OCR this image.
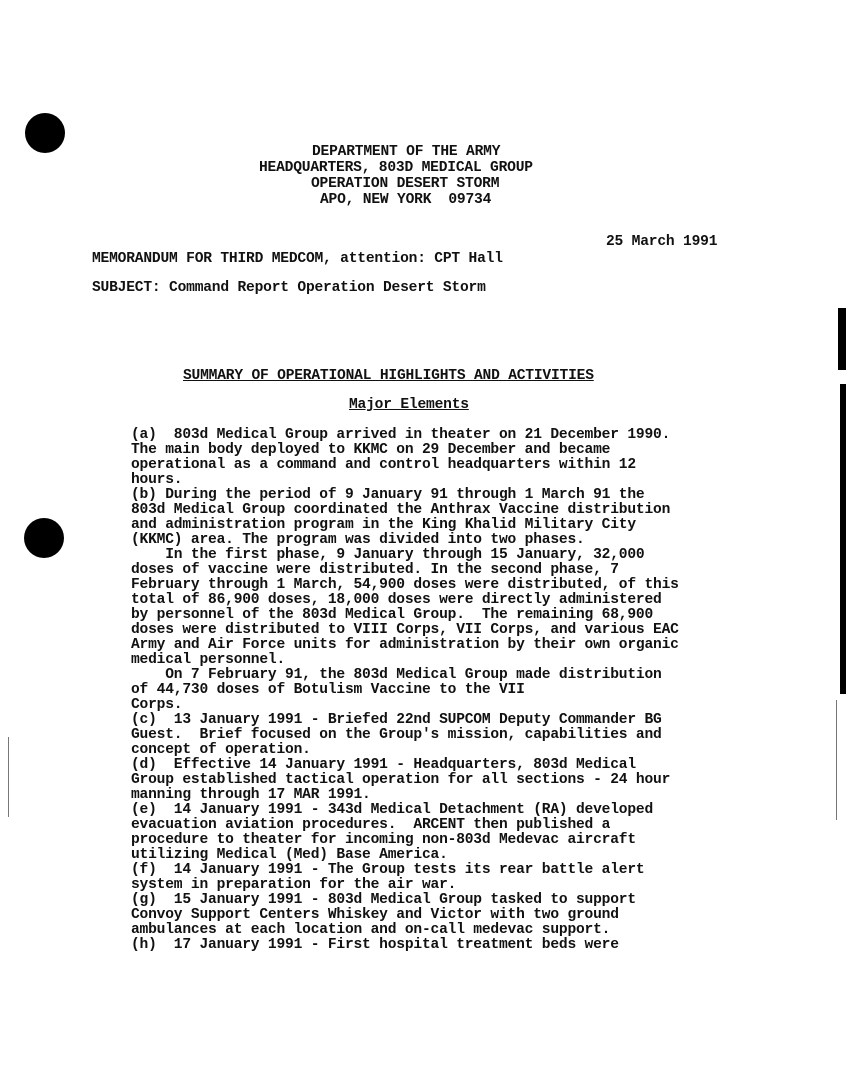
DEPARTMENT OF THE ARMY
HEADQUARTERS, 803D MEDICAL GROUP
OPERATION DESERT STORM
APO, NEW YORK  09734
25 March 1991
MEMORANDUM FOR THIRD MEDCOM, attention: CPT Hall
SUBJECT: Command Report Operation Desert Storm
SUMMARY OF OPERATIONAL HIGHLIGHTS AND ACTIVITIES
Major Elements
(a)  803d Medical Group arrived in theater on 21 December 1990.
The main body deployed to KKMC on 29 December and became
operational as a command and control headquarters within 12
hours.
(b) During the period of 9 January 91 through 1 March 91 the
803d Medical Group coordinated the Anthrax Vaccine distribution
and administration program in the King Khalid Military City
(KKMC) area. The program was divided into two phases.
In the first phase, 9 January through 15 January, 32,000
doses of vaccine were distributed. In the second phase, 7
February through 1 March, 54,900 doses were distributed, of this
total of 86,900 doses, 18,000 doses were directly administered
by personnel of the 803d Medical Group.  The remaining 68,900
doses were distributed to VIII Corps, VII Corps, and various EAC
Army and Air Force units for administration by their own organic
medical personnel.
On 7 February 91, the 803d Medical Group made distribution
of 44,730 doses of Botulism Vaccine to the VII
Corps.
(c)  13 January 1991 - Briefed 22nd SUPCOM Deputy Commander BG
Guest.  Brief focused on the Group's mission, capabilities and
concept of operation.
(d)  Effective 14 January 1991 - Headquarters, 803d Medical
Group established tactical operation for all sections - 24 hour
manning through 17 MAR 1991.
(e)  14 January 1991 - 343d Medical Detachment (RA) developed
evacuation aviation procedures.  ARCENT then published a
procedure to theater for incoming non-803d Medevac aircraft
utilizing Medical (Med) Base America.
(f)  14 January 1991 - The Group tests its rear battle alert
system in preparation for the air war.
(g)  15 January 1991 - 803d Medical Group tasked to support
Convoy Support Centers Whiskey and Victor with two ground
ambulances at each location and on-call medevac support.
(h)  17 January 1991 - First hospital treatment beds were
